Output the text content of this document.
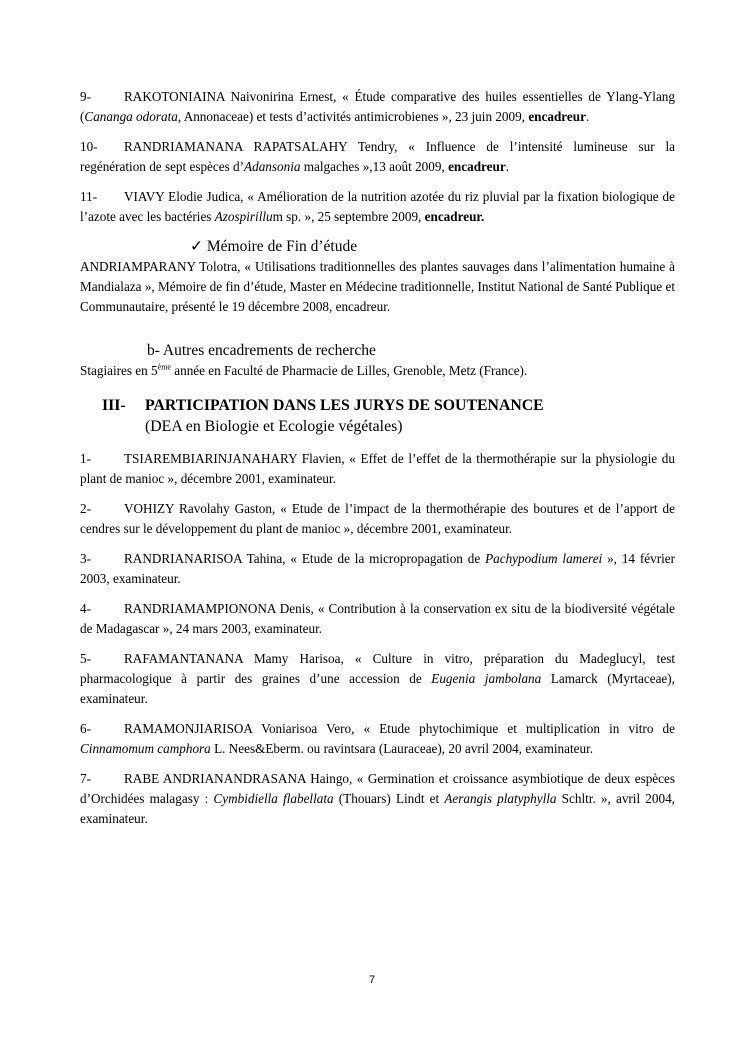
9-	RAKOTONIAINA Naivonirina Ernest, « Étude comparative des huiles essentielles de Ylang-Ylang (Cananga odorata, Annonaceae) et tests d’activités antimicrobienes », 23 juin 2009, encadreur.

10- RANDRIAMANANA RAPATSALAHY Tendry, « Influence de l’intensité lumineuse sur la regénération de sept espèces d’Adansonia malgaches »,13 août 2009, encadreur.

11- VIAVY Elodie Judica, « Amélioration de la nutrition azotée du riz pluvial par la fixation biologique de l’azote avec les bactéries Azospirillum sp. », 25 septembre 2009, encadreur.

✓ Mémoire de Fin d’étude

ANDRIAMPARANY Tolotra, « Utilisations traditionnelles des plantes sauvages dans l’alimentation humaine à Mandialaza », Mémoire de fin d’étude, Master en Médecine traditionnelle, Institut National de Santé Publique et Communautaire, présenté le 19 décembre 2008, encadreur.

b- Autres encadrements de recherche

Stagiaires en 5ème année en Faculté de Pharmacie de Lilles, Grenoble, Metz (France).

III- PARTICIPATION DANS LES JURYS DE SOUTENANCE
(DEA en Biologie et Ecologie végétales)

1-	TSIAREMBIARINJANAHARY Flavien, « Effet de l’effet de la thermothérapie sur la physiologie du plant de manioc », décembre 2001, examinateur.

2-	VOHIZY Ravolahy Gaston, « Etude de l’impact de la thermothérapie des boutures et de l’apport de cendres sur le développement du plant de manioc », décembre 2001, examinateur.

3-	RANDRIANARISOA Tahina, « Etude de la micropropagation de Pachypodium lamerei », 14 février 2003, examinateur.

4-	RANDRIAMAMPIONONA Denis, « Contribution à la conservation ex situ de la biodiversité végétale de Madagascar », 24 mars 2003, examinateur.

5-	RAFAMANTANANA Mamy Harisoa, « Culture in vitro, préparation du Madeglucyl, test pharmacologique à partir des graines d’une accession de Eugenia jambolana Lamarck (Myrtaceae), examinateur.

6-	RAMAMONJIARISOA Voniarisoa Vero, « Etude phytochimique et multiplication in vitro de Cinnamomum camphora L. Nees&Eberm. ou ravintsara (Lauraceae), 20 avril 2004, examinateur.

7-	RABE ANDRIANANDRASANA Haingo, « Germination et croissance asymbiotique de deux espèces d’Orchidées malagasy : Cymbidiella flabellata (Thouars) Lindt et Aerangis platyphylla Schltr. », avril 2004, examinateur.

7
